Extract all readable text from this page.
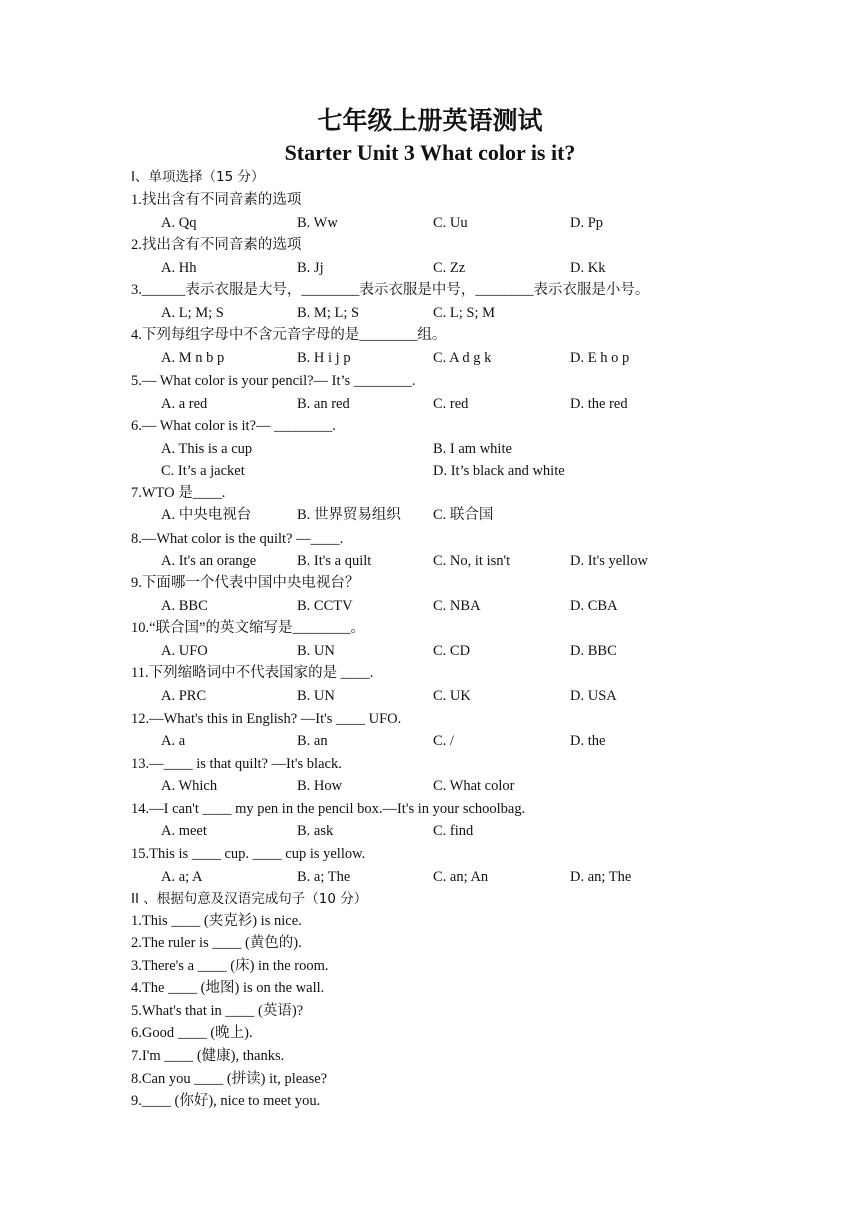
七年级上册英语测试
Starter Unit 3 What color is it?
I、单项选择（15 分）
1.找出含有不同音素的选项
A. Qq	B. Ww	C. Uu	D. Pp
2.找出含有不同音素的选项
A. Hh	B. Jj	C. Zz	D. Kk
3.______表示衣服是大号，________表示衣服是中号，________表示衣服是小号。
A. L; M; S	B. M; L; S	C. L; S; M
4.下列每组字母中不含元音字母的是________组。
A. M n b p	B. H i j p	C. A d g k	D. E h o p
5.— What color is your pencil?— It’s ________.
A. a red	B. an red	C. red	D. the red
6.— What color is it?— ________.
A. This is a cup	B. I am white
C. It’s a jacket	D. It’s black and white
7.WTO 是____.
A. 中央电视台	B. 世界贸易组织 C. 联合国
8.—What color is the quilt? —____.
A. It's an orange	B. It's a quilt	C. No, it isn't	D. It's yellow
9.下面哪一个代表中国中央电视台？
A. BBC	B. CCTV	C. NBA	D. CBA
10.“联合国”的英文缩写是________。
A. UFO	B. UN	C. CD	D. BBC
11.下列缩略词中不代表国家的是 ____.
A. PRC	B. UN	C. UK	D. USA
12.—What's this in English? —It's ____ UFO.
A. a	B. an	C. /	D. the
13.—____ is that quilt? —It's black.
A. Which	B. How	C. What color
14.—I can't ____ my pen in the pencil box.—It's in your schoolbag.
A. meet	B. ask	C. find
15.This is ____ cup. ____ cup is yellow.
A. a; A	B. a; The	C. an; An	D. an; The
II 、根据句意及汉语完成句子（10 分）
1.This ____ (夹克衫) is nice.
2.The ruler is ____ (黄色的).
3.There's a ____ (床) in the room.
4.The ____ (地图) is on the wall.
5.What's that in ____ (英语)?
6.Good ____ (晚上).
7.I'm ____ (健康), thanks.
8.Can you ____ (拼读) it, please?
9.____ (你好), nice to meet you.
